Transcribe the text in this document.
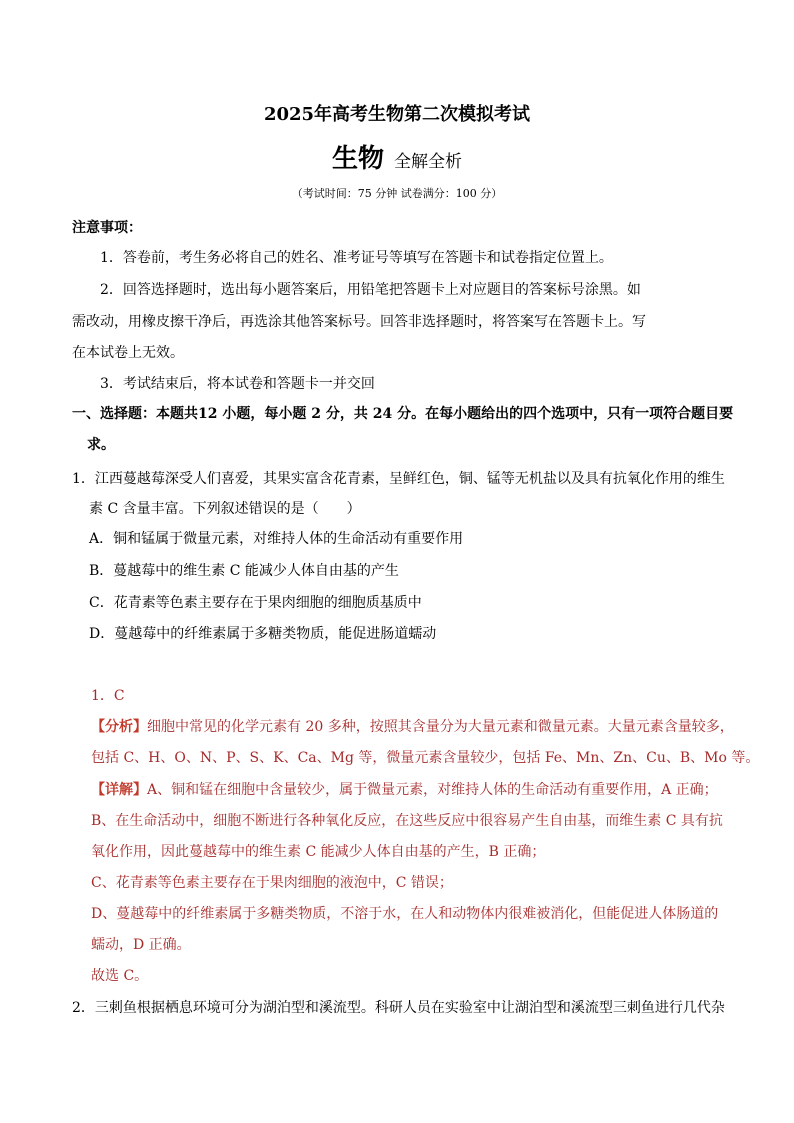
2025年高考生物第二次模拟考试
生物 全解全析
（考试时间：75 分钟 试卷满分：100 分）
注意事项：
1．答卷前，考生务必将自己的姓名、准考证号等填写在答题卡和试卷指定位置上。
2．回答选择题时，选出每小题答案后，用铅笔把答题卡上对应题目的答案标号涂黑。如
需改动，用橡皮擦干净后，再选涂其他答案标号。回答非选择题时，将答案写在答题卡上。写
在本试卷上无效。
3．考试结束后，将本试卷和答题卡一并交回
一、选择题：本题共12 小题，每小题 2 分，共 24 分。在每小题给出的四个选项中，只有一项符合题目要
求。
1．江西蔓越莓深受人们喜爱，其果实富含花青素，呈鲜红色，铜、锰等无机盐以及具有抗氧化作用的维生
素 C 含量丰富。下列叙述错误的是（　　）
A．铜和锰属于微量元素，对维持人体的生命活动有重要作用
B．蔓越莓中的维生素 C 能减少人体自由基的产生
C．花青素等色素主要存在于果肉细胞的细胞质基质中
D．蔓越莓中的纤维素属于多糖类物质，能促进肠道蠕动
1．C
【分析】细胞中常见的化学元素有 20 多种，按照其含量分为大量元素和微量元素。大量元素含量较多，
包括 C、H、O、N、P、S、K、Ca、Mg 等，微量元素含量较少，包括 Fe、Mn、Zn、Cu、B、Mo 等。
【详解】A、铜和锰在细胞中含量较少，属于微量元素，对维持人体的生命活动有重要作用，A 正确；
B、在生命活动中，细胞不断进行各种氧化反应，在这些反应中很容易产生自由基，而维生素 C 具有抗
氧化作用，因此蔓越莓中的维生素 C 能减少人体自由基的产生，B 正确；
C、花青素等色素主要存在于果肉细胞的液泡中，C 错误；
D、蔓越莓中的纤维素属于多糖类物质，不溶于水，在人和动物体内很难被消化，但能促进人体肠道的
蠕动，D 正确。
故选 C。
2．三刺鱼根据栖息环境可分为湖泊型和溪流型。科研人员在实验室中让湖泊型和溪流型三刺鱼进行几代杂
